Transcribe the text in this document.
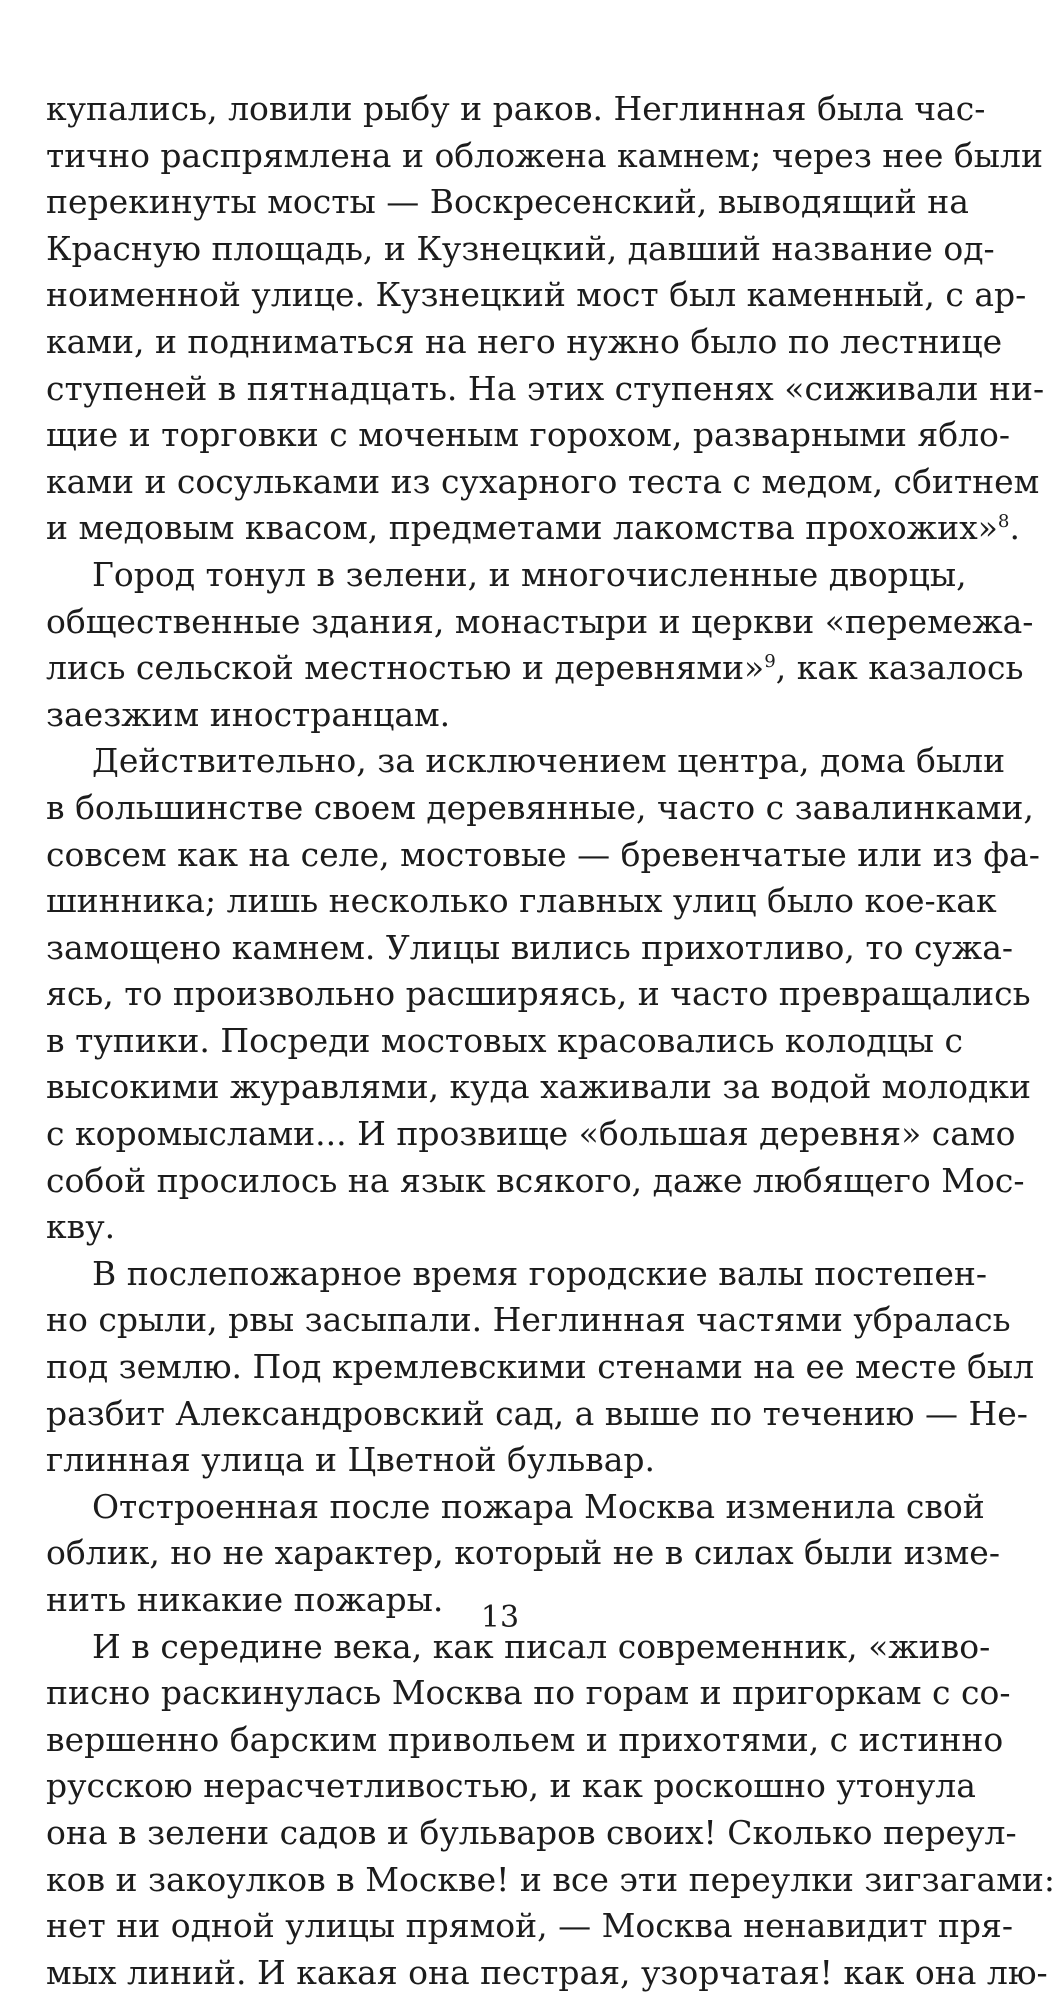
купались, ловили рыбу и раков. Неглинная была час-
тично распрямлена и обложена камнем; через нее были
перекинуты мосты — Воскресенский, выводящий на
Красную площадь, и Кузнецкий, давший название од-
ноименной улице. Кузнецкий мост был каменный, с ар-
ками, и подниматься на него нужно было по лестнице
ступеней в пятнадцать. На этих ступенях «сиживали ни-
щие и торговки с моченым горохом, разварными ябло-
ками и сосульками из сухарного теста с медом, сбитнем
и медовым квасом, предметами лакомства прохожих»$^8$.
Город тонул в зелени, и многочисленные дворцы,
общественные здания, монастыри и церкви «перемежа-
лись сельской местностью и деревнями»$^9$, как казалось
заезжим иностранцам.
Действительно, за исключением центра, дома были
в большинстве своем деревянные, часто с завалинками,
совсем как на селе, мостовые — бревенчатые или из фа-
шинника; лишь несколько главных улиц было кое-как
замощено камнем. Улицы вились прихотливо, то сужа-
ясь, то произвольно расширяясь, и часто превращались
в тупики. Посреди мостовых красовались колодцы с
высокими журавлями, куда хаживали за водой молодки
с коромыслами... И прозвище «большая деревня» само
собой просилось на язык всякого, даже любящего Мос-
кву.
В послепожарное время городские валы постепен-
но срыли, рвы засыпали. Неглинная частями убралась
под землю. Под кремлевскими стенами на ее месте был
разбит Александровский сад, а выше по течению — Не-
глинная улица и Цветной бульвар.
Отстроенная после пожара Москва изменила свой
облик, но не характер, который не в силах были изме-
нить никакие пожары.
И в середине века, как писал современник, «живо-
писно раскинулась Москва по горам и пригоркам с со-
вершенно барским привольем и прихотями, с истинно
русскою нерасчетливостью, и как роскошно утонула
она в зелени садов и бульваров своих! Сколько переул-
ков и закоулков в Москве! и все эти переулки зигзагами:
нет ни одной улицы прямой, — Москва ненавидит пря-
мых линий. И какая она пестрая, узорчатая! как она лю-
13
